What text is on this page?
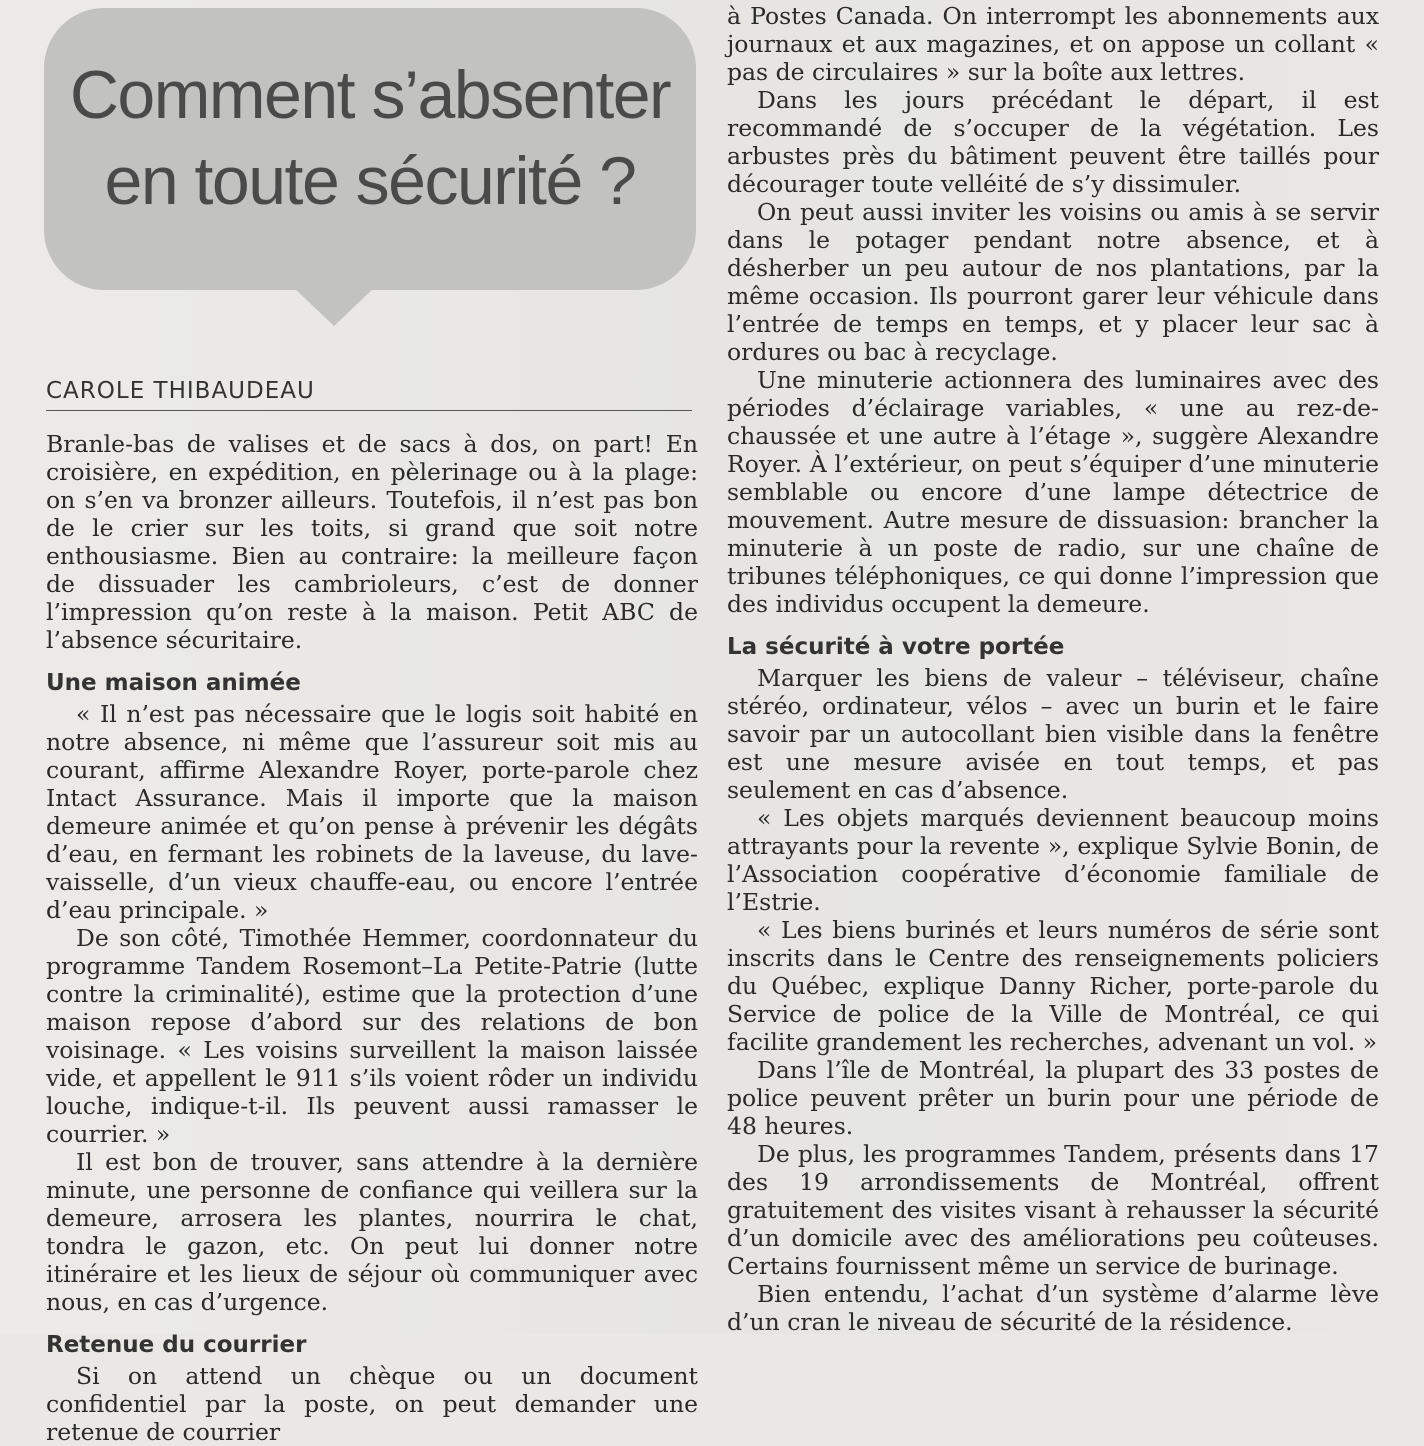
Comment s’absenter
en toute sécurité ?
CAROLE THIBAUDEAU

Branle-bas de valises et de sacs à dos, on part! En croisière, en expédition, en pèlerinage ou à la plage: on s’en va bronzer ailleurs. Toutefois, il n’est pas bon de le crier sur les toits, si grand que soit notre enthousiasme. Bien au contraire: la meilleure façon de dissuader les cambrioleurs, c’est de donner l’impression qu’on reste à la maison. Petit ABC de l’absence sécuritaire.

Une maison animée

« Il n’est pas nécessaire que le logis soit habité en notre absence, ni même que l’assureur soit mis au courant, affirme Alexandre Royer, porte-parole chez Intact Assurance. Mais il importe que la maison demeure animée et qu’on pense à prévenir les dégâts d’eau, en fermant les robinets de la laveuse, du lave-vaisselle, d’un vieux chauffe-eau, ou encore l’entrée d’eau principale. »

De son côté, Timothée Hemmer, coordonnateur du programme Tandem Rosemont–La Petite-Patrie (lutte contre la criminalité), estime que la protection d’une maison repose d’abord sur des relations de bon voisinage. « Les voisins surveillent la maison laissée vide, et appellent le 911 s’ils voient rôder un individu louche, indique-t-il. Ils peuvent aussi ramasser le courrier. »

Il est bon de trouver, sans attendre à la dernière minute, une personne de confiance qui veillera sur la demeure, arrosera les plantes, nourrira le chat, tondra le gazon, etc. On peut lui donner notre itinéraire et les lieux de séjour où communiquer avec nous, en cas d’urgence.

Retenue du courrier

Si on attend un chèque ou un document confidentiel par la poste, on peut demander une retenue de courrier

à Postes Canada. On interrompt les abonnements aux journaux et aux magazines, et on appose un collant « pas de circulaires » sur la boîte aux lettres.

Dans les jours précédant le départ, il est recommandé de s’occuper de la végétation. Les arbustes près du bâtiment peuvent être taillés pour décourager toute velléité de s’y dissimuler.

On peut aussi inviter les voisins ou amis à se servir dans le potager pendant notre absence, et à désherber un peu autour de nos plantations, par la même occasion. Ils pourront garer leur véhicule dans l’entrée de temps en temps, et y placer leur sac à ordures ou bac à recyclage.

Une minuterie actionnera des luminaires avec des périodes d’éclairage variables, « une au rez-de-chaussée et une autre à l’étage », suggère Alexandre Royer. À l’extérieur, on peut s’équiper d’une minuterie semblable ou encore d’une lampe détectrice de mouvement. Autre mesure de dissuasion: brancher la minuterie à un poste de radio, sur une chaîne de tribunes téléphoniques, ce qui donne l’impression que des individus occupent la demeure.

La sécurité à votre portée

Marquer les biens de valeur – téléviseur, chaîne stéréo, ordinateur, vélos – avec un burin et le faire savoir par un autocollant bien visible dans la fenêtre est une mesure avisée en tout temps, et pas seulement en cas d’absence.

« Les objets marqués deviennent beaucoup moins attrayants pour la revente », explique Sylvie Bonin, de l’Association coopérative d’économie familiale de l’Estrie.

« Les biens burinés et leurs numéros de série sont inscrits dans le Centre des renseignements policiers du Québec, explique Danny Richer, porte-parole du Service de police de la Ville de Montréal, ce qui facilite grandement les recherches, advenant un vol. »

Dans l’île de Montréal, la plupart des 33 postes de police peuvent prêter un burin pour une période de 48 heures.

De plus, les programmes Tandem, présents dans 17 des 19 arrondissements de Montréal, offrent gratuitement des visites visant à rehausser la sécurité d’un domicile avec des améliorations peu coûteuses. Certains fournissent même un service de burinage.

Bien entendu, l’achat d’un système d’alarme lève d’un cran le niveau de sécurité de la résidence.
